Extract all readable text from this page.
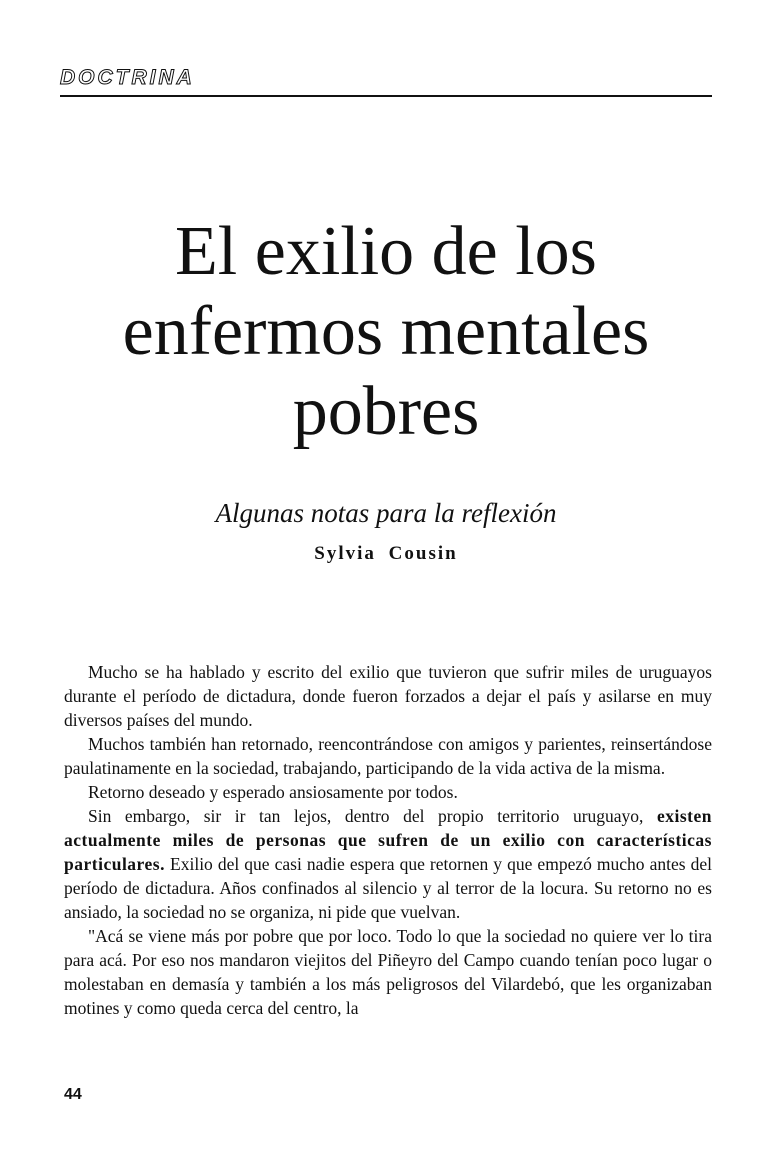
DOCTRINA
El exilio de los
enfermos mentales
pobres
Algunas notas para la reflexión
Sylvia Cousin

Mucho se ha hablado y escrito del exilio que tuvieron que sufrir miles de uruguayos durante el período de dictadura, donde fueron forzados a dejar el país y asilarse en muy diversos países del mundo.

Muchos también han retornado, reencontrándose con amigos y parientes, reinsertándose paulatinamente en la sociedad, trabajando, participando de la vida activa de la misma.

Retorno deseado y esperado ansiosamente por todos.

Sin embargo, sir ir tan lejos, dentro del propio territorio uruguayo, existen actualmente miles de personas que sufren de un exilio con características particulares. Exilio del que casi nadie espera que retornen y que empezó mucho antes del período de dictadura. Años confinados al silencio y al terror de la locura. Su retorno no es ansiado, la sociedad no se organiza, ni pide que vuelvan.

"Acá se viene más por pobre que por loco. Todo lo que la sociedad no quiere ver lo tira para acá. Por eso nos mandaron viejitos del Piñeyro del Campo cuando tenían poco lugar o molestaban en demasía y también a los más peligrosos del Vilardebó, que les organizaban motines y como queda cerca del centro, la

44
